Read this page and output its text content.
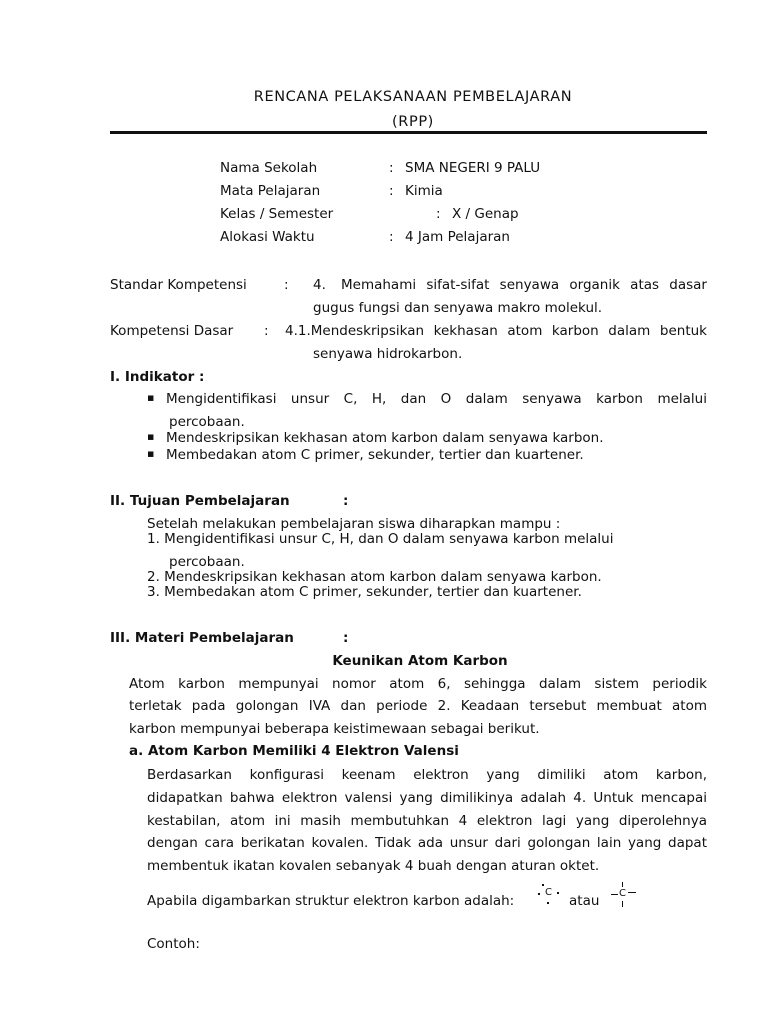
RENCANA PELAKSANAAN PEMBELAJARAN
(RPP)
Nama Sekolah	: SMA NEGERI 9 PALU
Mata Pelajaran	: Kimia
Kelas / Semester	: X / Genap
Alokasi Waktu	: 4 Jam Pelajaran
Standar Kompetensi	: 4. Memahami sifat-sifat senyawa organik atas dasar
gugus fungsi dan senyawa makro molekul.
Kompetensi Dasar : 4.1.Mendeskripsikan kekhasan atom karbon dalam bentuk
senyawa hidrokarbon.
I. Indikator :
▪ Mengidentifikasi unsur C, H, dan O dalam senyawa karbon melalui
percobaan.
▪ Mendeskripsikan kekhasan atom karbon dalam senyawa karbon.
▪ Membedakan atom C primer, sekunder, tertier dan kuartener.
II. Tujuan Pembelajaran	:
Setelah melakukan pembelajaran siswa diharapkan mampu :
1. Mengidentifikasi unsur C, H, dan O dalam senyawa karbon melalui
percobaan.
2. Mendeskripsikan kekhasan atom karbon dalam senyawa karbon.
3. Membedakan atom C primer, sekunder, tertier dan kuartener.
III. Materi Pembelajaran	:
Keunikan Atom Karbon
Atom karbon mempunyai nomor atom 6, sehingga dalam sistem periodik
terletak pada golongan IVA dan periode 2. Keadaan tersebut membuat atom
karbon mempunyai beberapa keistimewaan sebagai berikut.
a. Atom Karbon Memiliki 4 Elektron Valensi
Berdasarkan konfigurasi keenam elektron yang dimiliki atom karbon,
didapatkan bahwa elektron valensi yang dimilikinya adalah 4. Untuk mencapai
kestabilan, atom ini masih membutuhkan 4 elektron lagi yang diperolehnya
dengan cara berikatan kovalen. Tidak ada unsur dari golongan lain yang dapat
membentuk ikatan kovalen sebanyak 4 buah dengan aturan oktet.
Apabila digambarkan struktur elektron karbon adalah:
C
atau C
Contoh:
